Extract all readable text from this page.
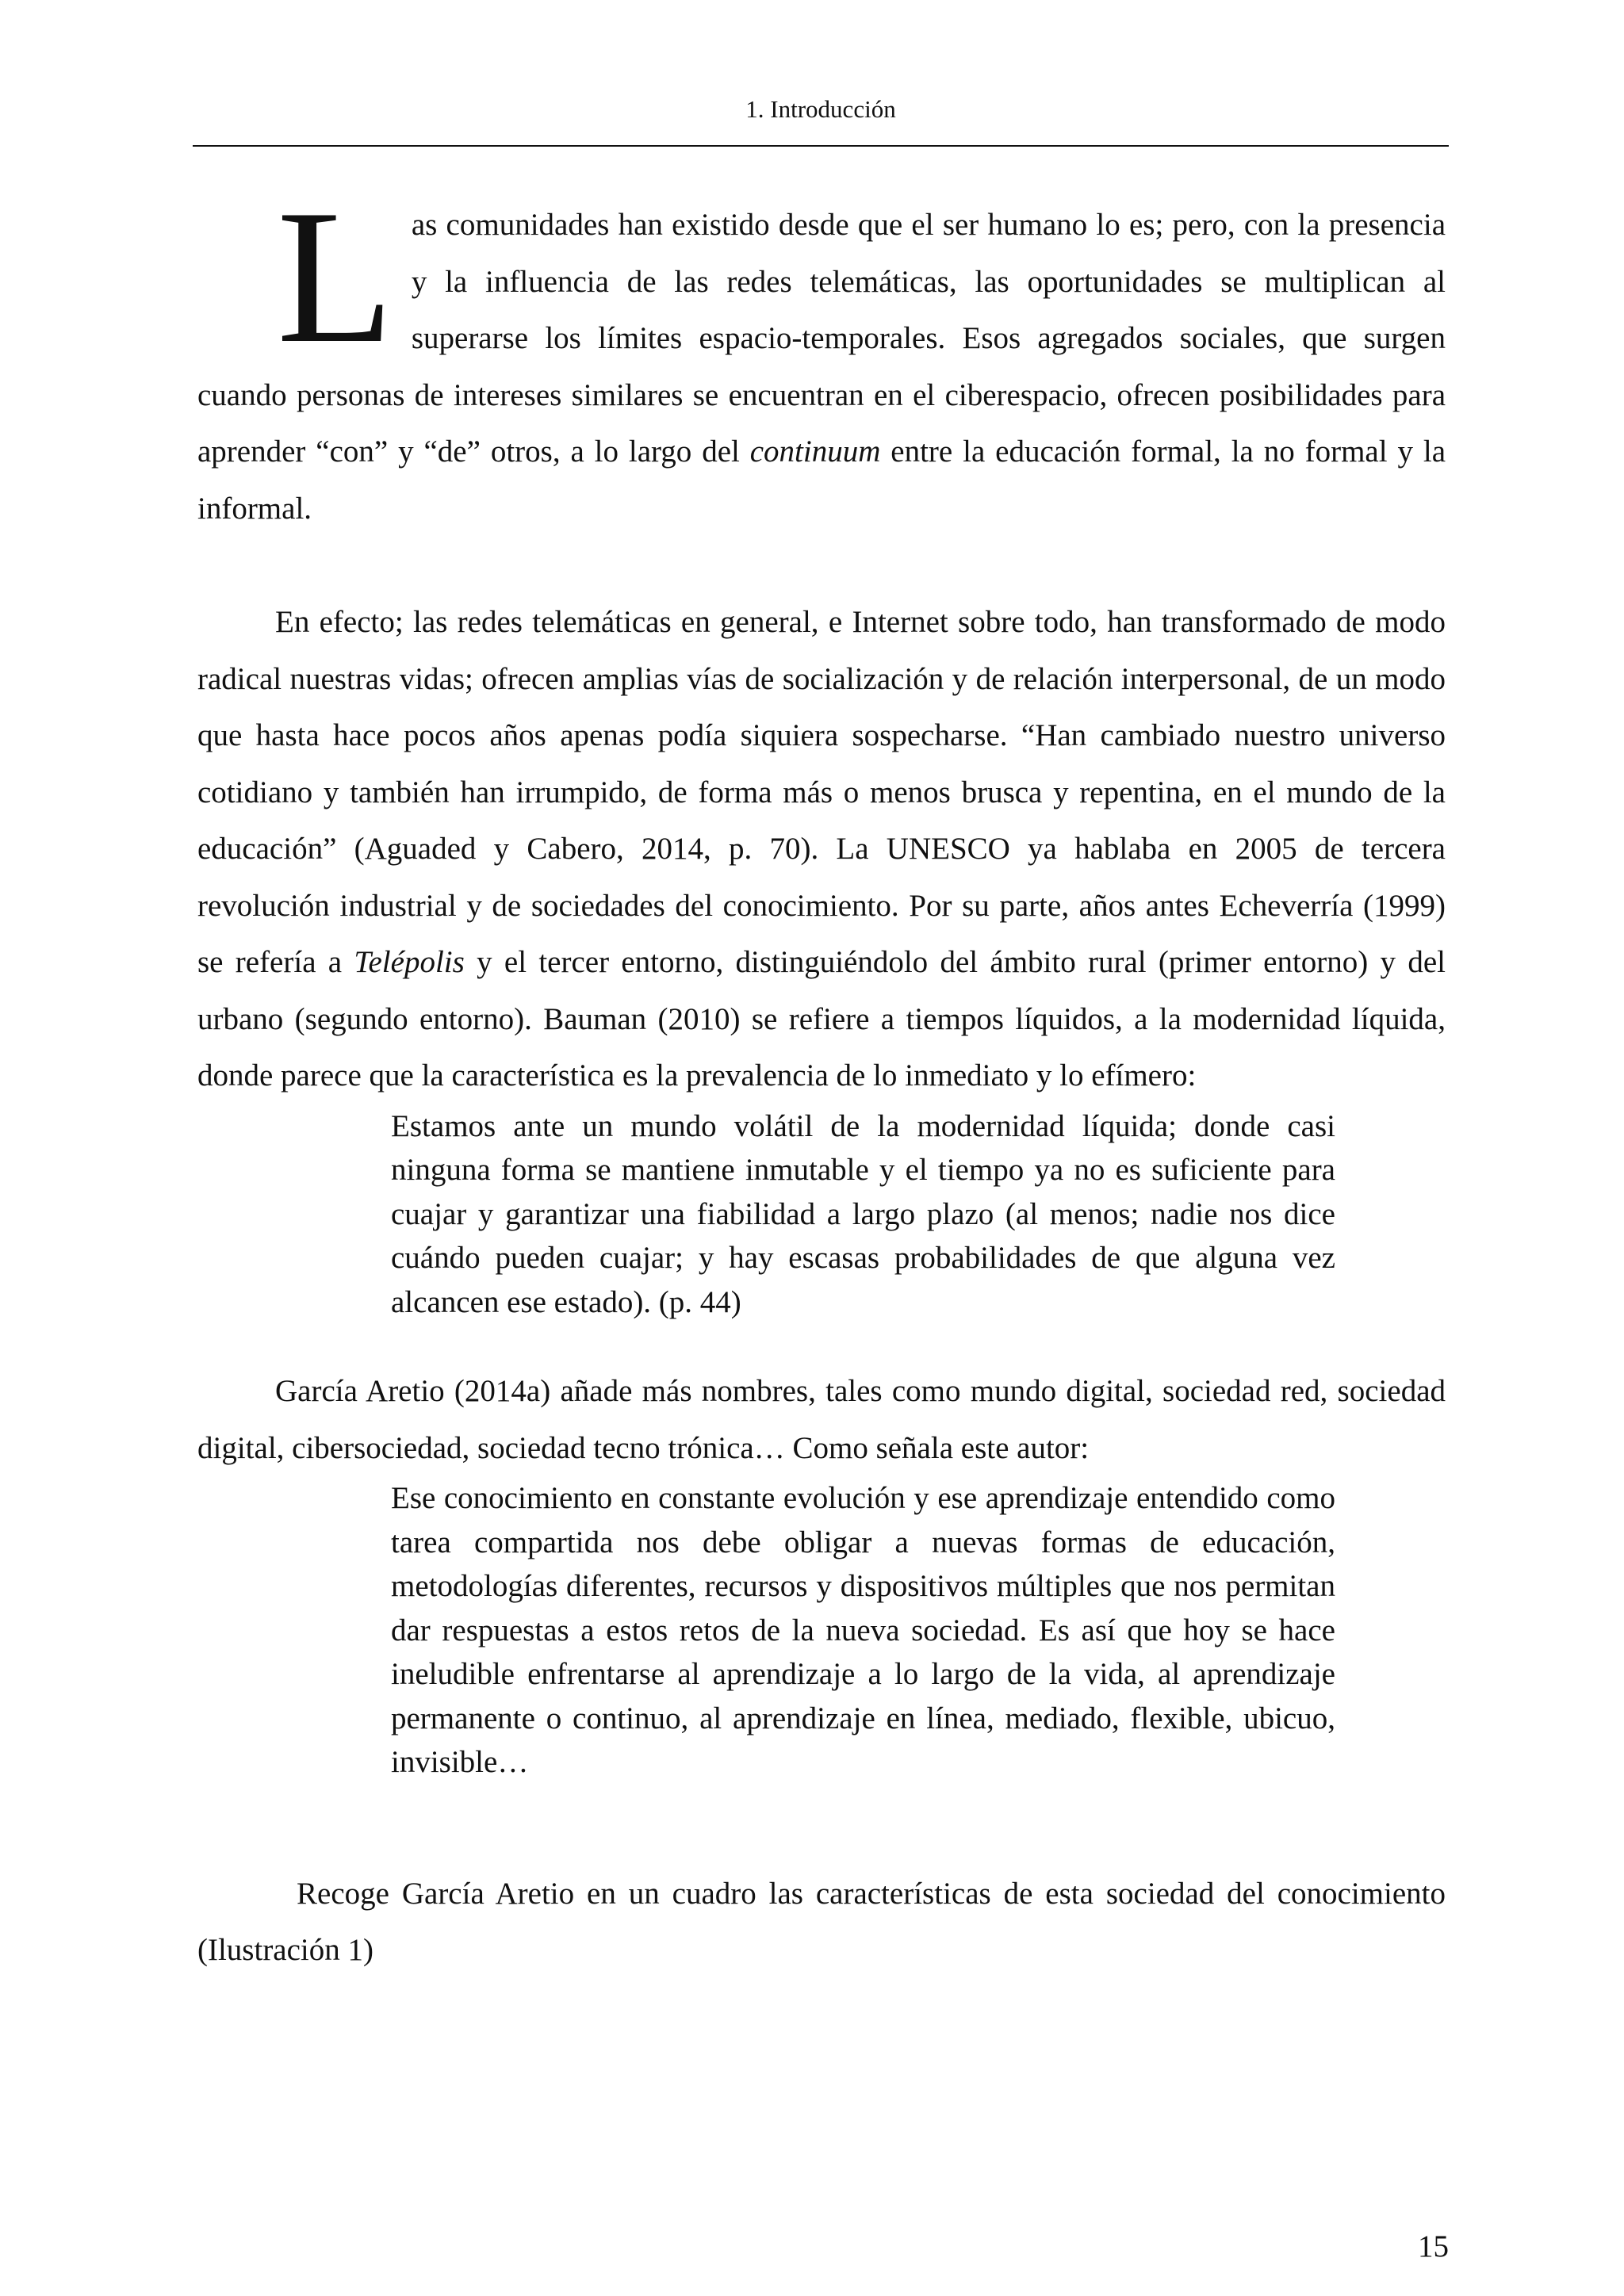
1. Introducción

Las comunidades han existido desde que el ser humano lo es; pero, con la presencia y la influencia de las redes telemáticas, las oportunidades se multiplican al superarse los límites espacio-temporales. Esos agregados sociales, que surgen cuando personas de intereses similares se encuentran en el ciberespacio, ofrecen posibilidades para aprender “con” y “de” otros, a lo largo del continuum entre la educación formal, la no formal y la informal.

En efecto; las redes telemáticas en general, e Internet sobre todo, han transformado de modo radical nuestras vidas; ofrecen amplias vías de socialización y de relación interpersonal, de un modo que hasta hace pocos años apenas podía siquiera sospecharse. “Han cambiado nuestro universo cotidiano y también han irrumpido, de forma más o menos brusca y repentina, en el mundo de la educación” (Aguaded y Cabero, 2014, p. 70). La UNESCO ya hablaba en 2005 de tercera revolución industrial y de sociedades del conocimiento. Por su parte, años antes Echeverría (1999) se refería a Telépolis y el tercer entorno, distinguiéndolo del ámbito rural (primer entorno) y del urbano (segundo entorno). Bauman (2010) se refiere a tiempos líquidos, a la modernidad líquida, donde parece que la característica es la prevalencia de lo inmediato y lo efímero:

Estamos ante un mundo volátil de la modernidad líquida; donde casi ninguna forma se mantiene inmutable y el tiempo ya no es suficiente para cuajar y garantizar una fiabilidad a largo plazo (al menos; nadie nos dice cuándo pueden cuajar; y hay escasas probabilidades de que alguna vez alcancen ese estado). (p. 44)

García Aretio (2014a) añade más nombres, tales como mundo digital, sociedad red, sociedad digital, cibersociedad, sociedad tecno trónica… Como señala este autor:

Ese conocimiento en constante evolución y ese aprendizaje entendido como tarea compartida nos debe obligar a nuevas formas de educación, metodologías diferentes, recursos y dispositivos múltiples que nos permitan dar respuestas a estos retos de la nueva sociedad. Es así que hoy se hace ineludible enfrentarse al aprendizaje a lo largo de la vida, al aprendizaje permanente o continuo, al aprendizaje en línea, mediado, flexible, ubicuo, invisible…

Recoge García Aretio en un cuadro las características de esta sociedad del conocimiento (Ilustración 1)

15
